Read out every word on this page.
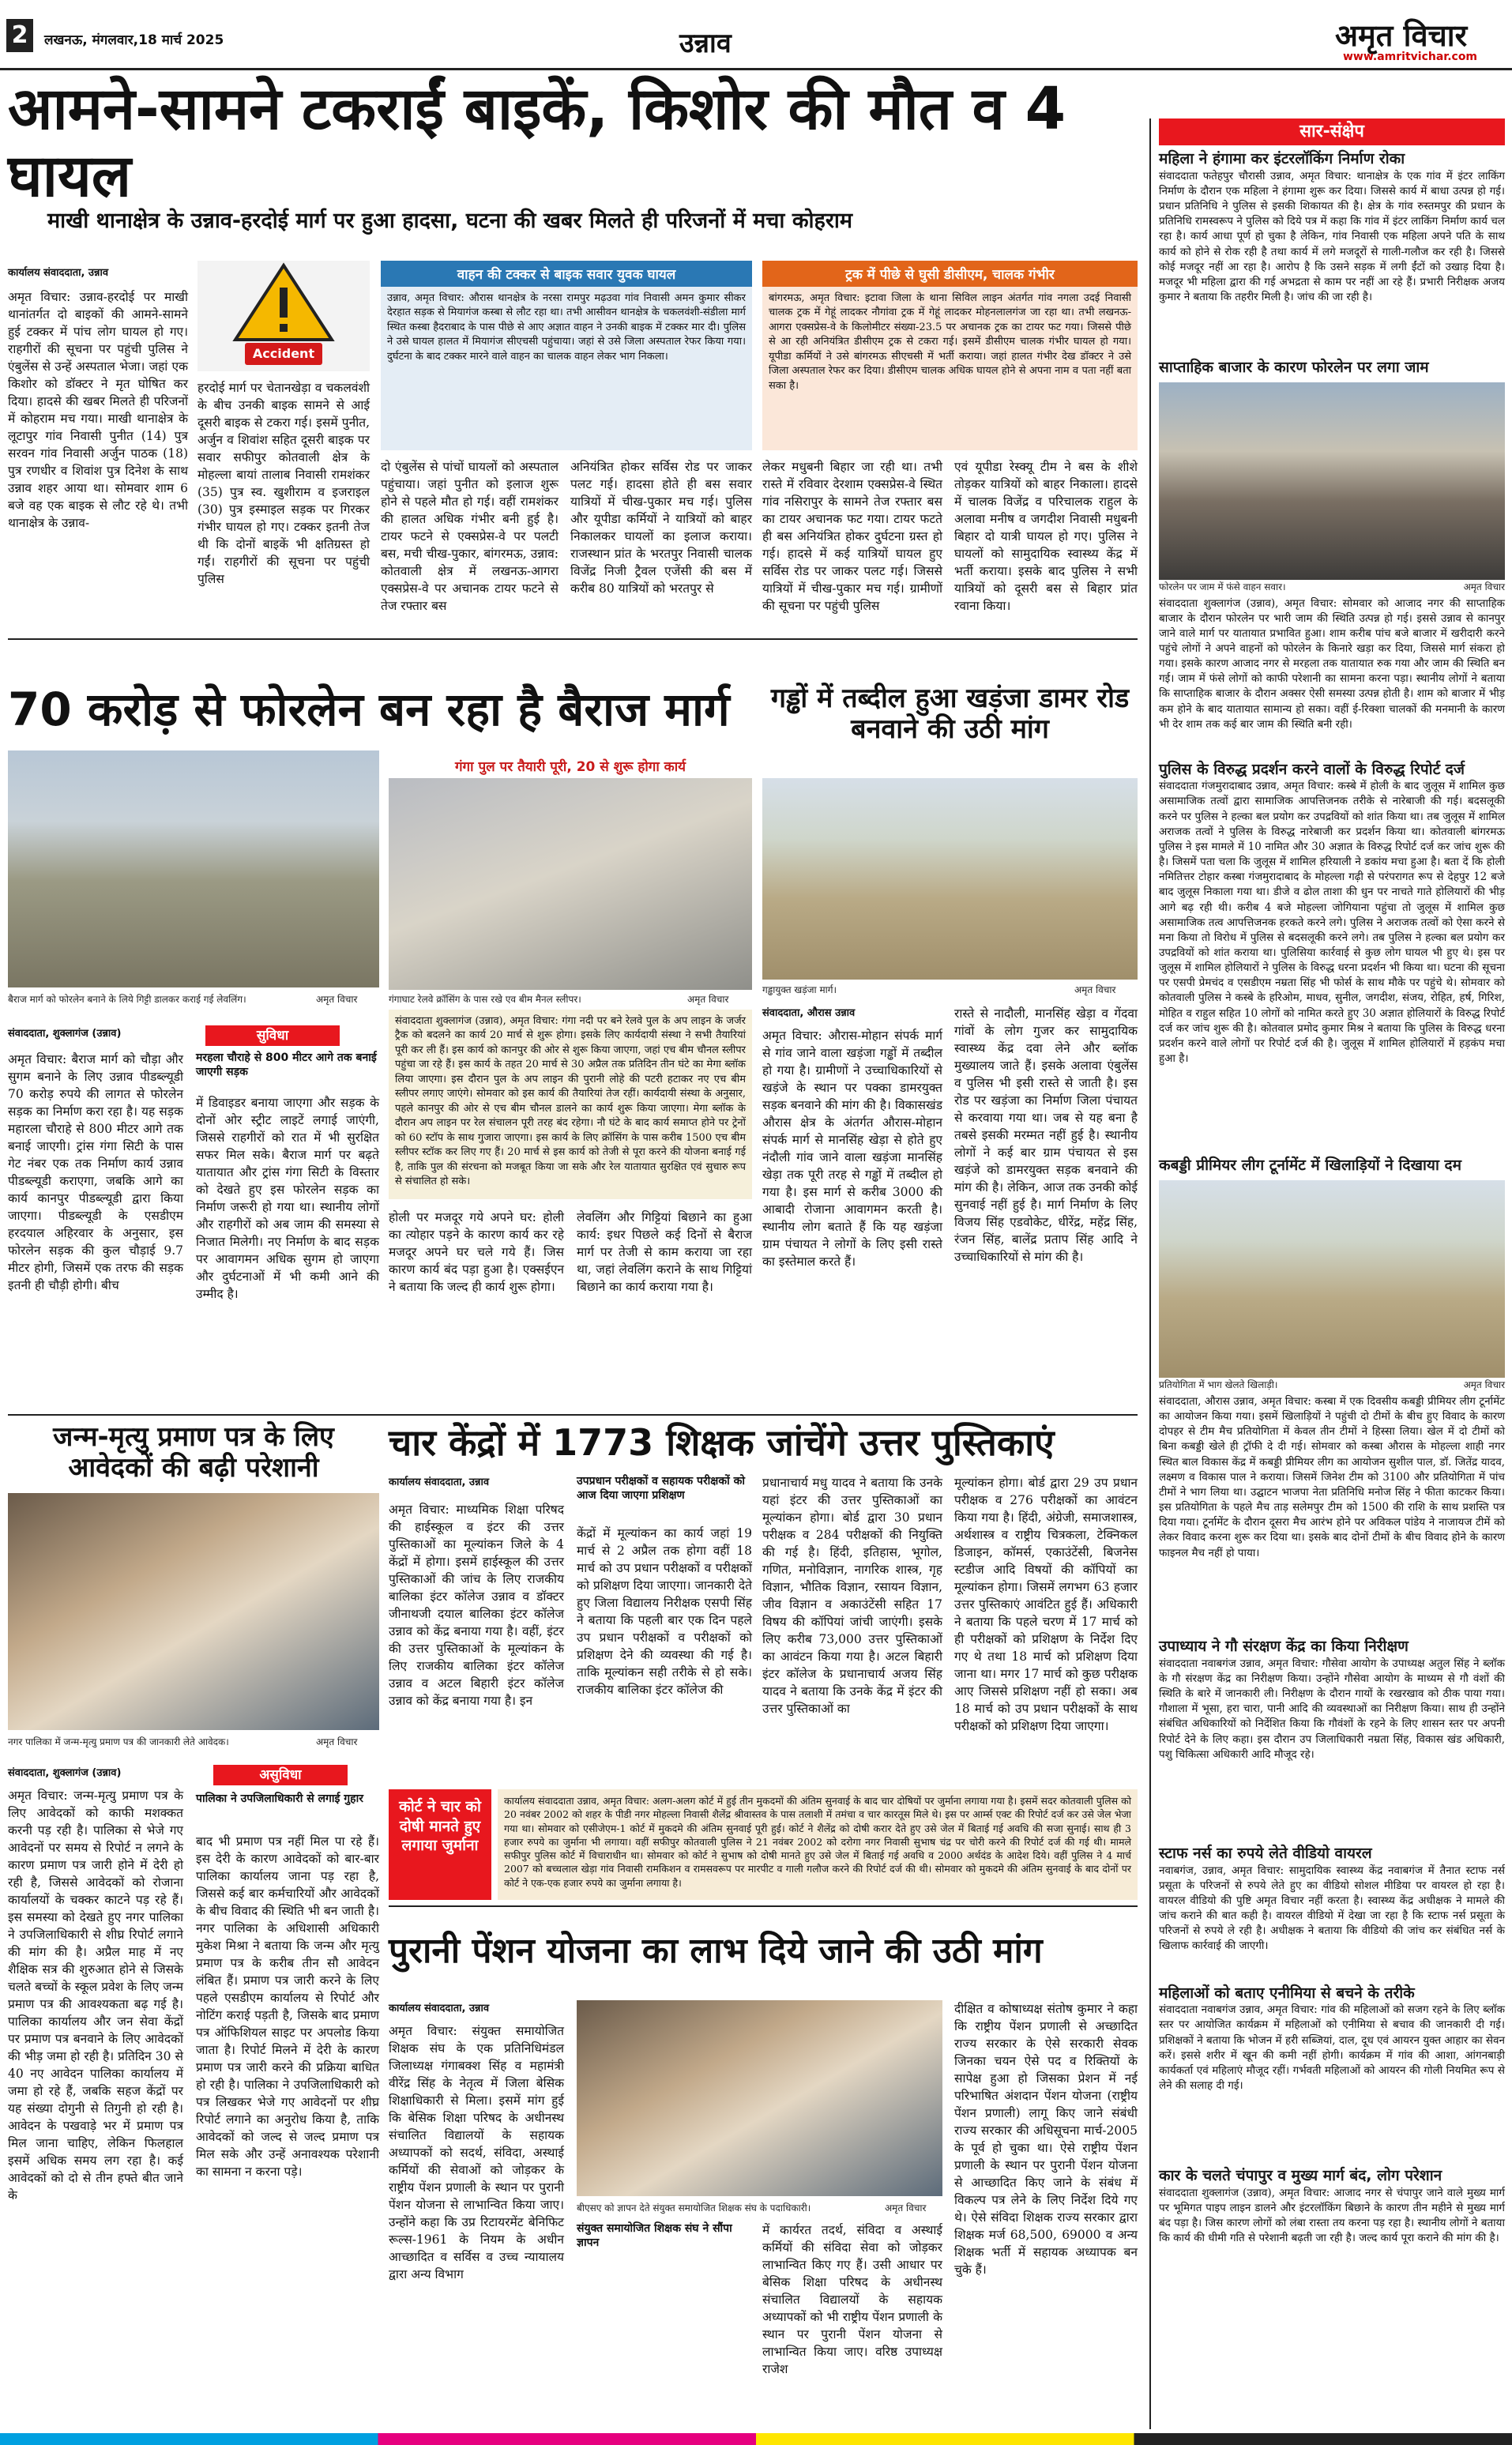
2	लखनऊ, मंगलवार,18 मार्च 2025	उन्नाव	अमृत विचार
www.amritvichar.com
आमने-सामने टकराईं बाइकें, किशोर की मौत व 4 घायल
माखी थानाक्षेत्र के उन्नाव-हरदोई मार्ग पर हुआ हादसा, घटना की खबर मिलते ही परिजनों में मचा कोहराम
कार्यालय संवाददाता, उन्नाव
अमृत विचार: उन्नाव-हरदोई पर माखी थानांतर्गत दो बाइकों की आमने-सामने हुई टक्कर में पांच लोग घायल हो गए। राहगीरों की सूचना पर पहुंची पुलिस ने एंबुलेंस से उन्हें अस्पताल भेजा। जहां एक किशोर को डॉक्टर ने मृत घोषित कर दिया। हादसे की खबर मिलते ही परिजनों में कोहराम मच गया। माखी थानाक्षेत्र के लूटापुर गांव निवासी पुनीत (14) पुत्र सरवन गांव निवासी अर्जुन पाठक (18) पुत्र रणधीर व शिवांश पुत्र दिनेश के साथ उन्नाव शहर आया था। सोमवार शाम 6 बजे वह एक बाइक से लौट रहे थे। तभी थानाक्षेत्र के उन्नाव-
Accident
हरदोई मार्ग पर चेतानखेड़ा व चकलवंशी के बीच उनकी बाइक सामने से आई दूसरी बाइक से टकरा गई। इसमें पुनीत, अर्जुन व शिवांश सहित दूसरी बाइक पर सवार सफीपुर कोतवाली क्षेत्र के मोहल्ला बायां तालाब निवासी रामशंकर (35) पुत्र स्व. खुशीराम व इजराइल (30) पुत्र इस्माइल सड़क पर गिरकर गंभीर घायल हो गए। टक्कर इतनी तेज थी कि दोनों बाइकें भी क्षतिग्रस्त हो गईं। राहगीरों की सूचना पर पहुंची पुलिस
वाहन की टक्कर से बाइक सवार युवक घायल
उन्नाव, अमृत विचार: औरास थानक्षेत्र के नरसा रामपुर मढ़उवा गांव निवासी अमन कुमार सीकर देरहात सड़क से मियागंज कस्बा से लौट रहा था। तभी आसीवन थानक्षेत्र के चकलवंशी-संडीला मार्ग स्थित कस्बा हैदराबाद के पास पीछे से आए अज्ञात वाहन ने उनकी बाइक में टक्कर मार दी। पुलिस ने उसे घायल हालत में मियागंज सीएचसी पहुंचाया। जहां से उसे जिला अस्पताल रेफर किया गया। दुर्घटना के बाद टक्कर मारने वाले वाहन का चालक वाहन लेकर भाग निकला।
ट्रक में पीछे से घुसी डीसीएम, चालक गंभीर
बांगरमऊ, अमृत विचार: इटावा जिला के थाना सिविल लाइन अंतर्गत गांव नगला उदई निवासी चालक ट्रक में गेहूं लादकर नौगांवा ट्रक में गेहूं लादकर मोहनलालगंज जा रहा था। तभी लखनऊ-आगरा एक्सप्रेस-वे के किलोमीटर संख्या-23.5 पर अचानक ट्रक का टायर फट गया। जिससे पीछे से आ रही अनियंत्रित डीसीएम ट्रक से टकरा गई। इसमें डीसीएम चालक गंभीर घायल हो गया। यूपीडा कर्मियों ने उसे बांगरमऊ सीएचसी में भर्ती कराया। जहां हालत गंभीर देख डॉक्टर ने उसे जिला अस्पताल रेफर कर दिया। डीसीएम चालक अधिक घायल होने से अपना नाम व पता नहीं बता सका है।
दो एंबुलेंस से पांचों घायलों को अस्पताल पहुंचाया। जहां पुनीत को इलाज शुरू होने से पहले मौत हो गई। वहीं रामशंकर की हालत अधिक गंभीर बनी हुई है। टायर फटने से एक्सप्रेस-वे पर पलटी बस, मची चीख-पुकार, बांगरमऊ, उन्नाव: कोतवाली क्षेत्र में लखनऊ-आगरा एक्सप्रेस-वे पर अचानक टायर फटने से तेज रफ्तार बस
अनियंत्रित होकर सर्विस रोड पर जाकर पलट गई। हादसा होते ही बस सवार यात्रियों में चीख-पुकार मच गई। पुलिस और यूपीडा कर्मियों ने यात्रियों को बाहर निकालकर घायलों का इलाज कराया। राजस्थान प्रांत के भरतपुर निवासी चालक विजेंद्र निजी ट्रैवल एजेंसी की बस में करीब 80 यात्रियों को भरतपुर से
लेकर मधुबनी बिहार जा रही था। तभी रास्ते में रविवार देरशाम एक्सप्रेस-वे स्थित गांव नसिरापुर के सामने तेज रफ्तार बस का टायर अचानक फट गया। टायर फटते ही बस अनियंत्रित होकर दुर्घटना ग्रस्त हो गई। हादसे में कई यात्रियों घायल हुए सर्विस रोड पर जाकर पलट गई। जिससे यात्रियों में चीख-पुकार मच गई। ग्रामीणों की सूचना पर पहुंची पुलिस
एवं यूपीडा रेस्क्यू टीम ने बस के शीशे तोड़कर यात्रियों को बाहर निकाला। हादसे में चालक विजेंद्र व परिचालक राहुल के अलावा मनीष व जगदीश निवासी मधुबनी बिहार दो यात्री घायल हो गए। पुलिस ने घायलों को सामुदायिक स्वास्थ्य केंद्र में भर्ती कराया। इसके बाद पुलिस ने सभी यात्रियों को दूसरी बस से बिहार प्रांत रवाना किया।
70 करोड़ से फोरलेन बन रहा है बैराज मार्ग
बैराज मार्ग को फोरलेन बनाने के लिये गिट्टी डालकर कराई गई लेवलिंग।	अमृत विचार
संवाददाता, शुक्लागंज (उन्नाव)
अमृत विचार: बैराज मार्ग को चौड़ा और सुगम बनाने के लिए उन्नाव पीडब्ल्यूडी 70 करोड़ रुपये की लागत से फोरलेन सड़क का निर्माण करा रहा है। यह सड़क महारला चौराहे से 800 मीटर आगे तक बनाई जाएगी। ट्रांस गंगा सिटी के पास गेट नंबर एक तक निर्माण कार्य उन्नाव पीडब्ल्यूडी कराएगा, जबकि आगे का कार्य कानपुर पीडब्ल्यूडी द्वारा किया जाएगा। पीडब्ल्यूडी के एसडीएम हरदयाल अहिरवार के अनुसार, इस फोरलेन सड़क की कुल चौड़ाई 9.7 मीटर होगी, जिसमें एक तरफ की सड़क इतनी ही चौड़ी होगी। बीच
सुविधा
मरहला चौराहे से 800 मीटर आगे तक बनाई जाएगी सड़क
में डिवाइडर बनाया जाएगा और सड़क के दोनों ओर स्ट्रीट लाइटें लगाई जाएंगी, जिससे राहगीरों को रात में भी सुरक्षित सफर मिल सके। बैराज मार्ग पर बढ़ते यातायात और ट्रांस गंगा सिटी के विस्तार को देखते हुए इस फोरलेन सड़क का निर्माण जरूरी हो गया था। स्थानीय लोगों और राहगीरों को अब जाम की समस्या से निजात मिलेगी। नए निर्माण के बाद सड़क पर आवागमन अधिक सुगम हो जाएगा और दुर्घटनाओं में भी कमी आने की उम्मीद है।
गंगा पुल पर तैयारी पूरी, 20 से शुरू होगा कार्य
गंगाघाट रेलवे क्रॉसिंग के पास रखे एव बीम मैनल स्लीपर।	अमृत विचार
संवाददाता शुक्लागंज (उन्नाव), अमृत विचार: गंगा नदी पर बने रेलवे पुल के अप लाइन के जर्जर ट्रैक को बदलने का कार्य 20 मार्च से शुरू होगा। इसके लिए कार्यदायी संस्था ने सभी तैयारियां पूरी कर ली हैं। इस कार्य को कानपुर की ओर से शुरू किया जाएगा, जहां एच बीम चौनल स्लीपर पहुंचा जा रहे हैं। इस कार्य के तहत 20 मार्च से 30 अप्रैल तक प्रतिदिन तीन घंटे का मेगा ब्लॉक लिया जाएगा। इस दौरान पुल के अप लाइन की पुरानी लोहे की पटरी हटाकर नए एच बीम स्लीपर लगाए जाएंगे। सोमवार को इस कार्य की तैयारियां तेज रहीं। कार्यदायी संस्था के अनुसार, पहले कानपुर की ओर से एच बीम चौनल डालने का कार्य शुरू किया जाएगा। मेगा ब्लॉक के दौरान अप लाइन पर रेल संचालन पूरी तरह बंद रहेगा। नौ घंटे के बाद कार्य समाप्त होने पर ट्रेनों को 60 स्टॉप के साथ गुजारा जाएगा। इस कार्य के लिए क्रॉसिंग के पास करीब 1500 एच बीम स्लीपर स्टॉक कर लिए गए हैं। 20 मार्च से इस कार्य को तेजी से पूरा करने की योजना बनाई गई है, ताकि पुल की संरचना को मजबूत किया जा सके और रेल यातायात सुरक्षित एवं सुचारु रूप से संचालित हो सके।
होली पर मजदूर गये अपने घर: होली का त्योहार पड़ने के कारण कार्य कर रहे मजदूर अपने घर चले गये हैं। जिस कारण कार्य बंद पड़ा हुआ है। एक्सईएन ने बताया कि जल्द ही कार्य शुरू होगा।
लेवलिंग और गिट्टियां बिछाने का हुआ कार्य: इधर पिछले कई दिनों से बैराज मार्ग पर तेजी से काम कराया जा रहा था, जहां लेवलिंग कराने के साथ गिट्टियां बिछाने का कार्य कराया गया है।
गड्ढों में तब्दील हुआ खड़ंजा डामर रोड बनवाने की उठी मांग
गड्ढायुक्त खड़ंजा मार्ग।	अमृत विचार
संवाददाता, औरास उन्नाव
अमृत विचार: औरास-मोहान संपर्क मार्ग से गांव जाने वाला खड़ंजा गड्ढों में तब्दील हो गया है। ग्रामीणों ने उच्चाधिकारियों से खड़ंजे के स्थान पर पक्का डामरयुक्त सड़क बनवाने की मांग की है। विकासखंड औरास क्षेत्र के अंतर्गत औरास-मोहान संपर्क मार्ग से मानसिंह खेड़ा से होते हुए नंदौली गांव जाने वाला खड़ंजा मानसिंह खेड़ा तक पूरी तरह से गड्ढों में तब्दील हो गया है। इस मार्ग से करीब 3000 की आबादी रोजाना आवागमन करती है। स्थानीय लोग बताते हैं कि यह खड़ंजा ग्राम पंचायत ने लोगों के लिए इसी रास्ते का इस्तेमाल करते हैं।
रास्ते से नादौली, मानसिंह खेड़ा व गेंदवा गांवों के लोग गुजर कर सामुदायिक स्वास्थ्य केंद्र दवा लेने और ब्लॉक मुख्यालय जाते हैं। इसके अलावा एंबुलेंस व पुलिस भी इसी रास्ते से जाती है। इस रोड पर खड़ंजा का निर्माण जिला पंचायत से करवाया गया था। जब से यह बना है तबसे इसकी मरम्मत नहीं हुई है। स्थानीय लोगों ने कई बार ग्राम पंचायत से इस खड़ंजे को डामरयुक्त सड़क बनवाने की मांग की है। लेकिन, आज तक उनकी कोई सुनवाई नहीं हुई है। मार्ग निर्माण के लिए विजय सिंह एडवोकेट, धीरेंद्र, महेंद्र सिंह, रंजन सिंह, बालेंद्र प्रताप सिंह आदि ने उच्चाधिकारियों से मांग की है।
जन्म-मृत्यु प्रमाण पत्र के लिए आवेदकों की बढ़ी परेशानी
नगर पालिका में जन्म-मृत्यु प्रमाण पत्र की जानकारी लेते आवेदक।	अमृत विचार
संवाददाता, शुक्लागंज (उन्नाव)
अमृत विचार: जन्म-मृत्यु प्रमाण पत्र के लिए आवेदकों को काफी मशक्कत करनी पड़ रही है। पालिका से भेजे गए आवेदनों पर समय से रिपोर्ट न लगने के कारण प्रमाण पत्र जारी होने में देरी हो रही है, जिससे आवेदकों को रोजाना कार्यालयों के चक्कर काटने पड़ रहे हैं। इस समस्या को देखते हुए नगर पालिका ने उपजिलाधिकारी से शीघ्र रिपोर्ट लगाने की मांग की है। अप्रैल माह में नए शैक्षिक सत्र की शुरुआत होने से जिसके चलते बच्चों के स्कूल प्रवेश के लिए जन्म प्रमाण पत्र की आवश्यकता बढ़ गई है। पालिका कार्यालय और जन सेवा केंद्रों पर प्रमाण पत्र बनवाने के लिए आवेदकों की भीड़ जमा हो रही है। प्रतिदिन 30 से 40 नए आवेदन पालिका कार्यालय में जमा हो रहे हैं, जबकि सहज केंद्रों पर यह संख्या दोगुनी से तिगुनी हो रही है। आवेदन के पखवाड़े भर में प्रमाण पत्र मिल जाना चाहिए, लेकिन फिलहाल इसमें अधिक समय लग रहा है। कई आवेदकों को दो से तीन हफ्ते बीत जाने के
असुविधा
पालिका ने उपजिलाधिकारी से लगाई गुहार
बाद भी प्रमाण पत्र नहीं मिल पा रहे हैं। इस देरी के कारण आवेदकों को बार-बार पालिका कार्यालय जाना पड़ रहा है, जिससे कई बार कर्मचारियों और आवेदकों के बीच विवाद की स्थिति भी बन जाती है। नगर पालिका के अधिशासी अधिकारी मुकेश मिश्रा ने बताया कि जन्म और मृत्यु प्रमाण पत्र के करीब तीन सौ आवेदन लंबित हैं। प्रमाण पत्र जारी करने के लिए पहले एसडीएम कार्यालय से रिपोर्ट और नोटिंग कराई पड़ती है, जिसके बाद प्रमाण पत्र ऑफिशियल साइट पर अपलोड किया जाता है। रिपोर्ट मिलने में देरी के कारण प्रमाण पत्र जारी करने की प्रक्रिया बाधित हो रही है। पालिका ने उपजिलाधिकारी को पत्र लिखकर भेजे गए आवेदनों पर शीघ्र रिपोर्ट लगाने का अनुरोध किया है, ताकि आवेदकों को जल्द से जल्द प्रमाण पत्र मिल सके और उन्हें अनावश्यक परेशानी का सामना न करना पड़े।
चार केंद्रों में 1773 शिक्षक जांचेंगे उत्तर पुस्तिकाएं
कार्यालय संवाददाता, उन्नाव
अमृत विचार: माध्यमिक शिक्षा परिषद की हाईस्कूल व इंटर की उत्तर पुस्तिकाओं का मूल्यांकन जिले के 4 केंद्रों में होगा। इसमें हाईस्कूल की उत्तर पुस्तिकाओं की जांच के लिए राजकीय बालिका इंटर कॉलेज उन्नाव व डॉक्टर जीनाथजी दयाल बालिका इंटर कॉलेज उन्नाव को केंद्र बनाया गया है। वहीं, इंटर की उत्तर पुस्तिकाओं के मूल्यांकन के लिए राजकीय बालिका इंटर कॉलेज उन्नाव व अटल बिहारी इंटर कॉलेज उन्नाव को केंद्र बनाया गया है। इन
उपप्रधान परीक्षकों व सहायक परीक्षकों को आज दिया जाएगा प्रशिक्षण
केंद्रों में मूल्यांकन का कार्य जहां 19 मार्च से 2 अप्रैल तक होगा वहीं 18 मार्च को उप प्रधान परीक्षकों व परीक्षकों को प्रशिक्षण दिया जाएगा। जानकारी देते हुए जिला विद्यालय निरीक्षक एसपी सिंह ने बताया कि पहली बार एक दिन पहले उप प्रधान परीक्षकों व परीक्षकों को प्रशिक्षण देने की व्यवस्था की गई है। ताकि मूल्यांकन सही तरीके से हो सके। राजकीय बालिका इंटर कॉलेज की
प्रधानाचार्य मधु यादव ने बताया कि उनके यहां इंटर की उत्तर पुस्तिकाओं का मूल्यांकन होगा। बोर्ड द्वारा 30 प्रधान परीक्षक व 284 परीक्षकों की नियुक्ति की गई है। हिंदी, इतिहास, भूगोल, गणित, मनोविज्ञान, नागरिक शास्त्र, गृह विज्ञान, भौतिक विज्ञान, रसायन विज्ञान, जीव विज्ञान व अकाउंटेंसी सहित 17 विषय की कॉपियां जांची जाएंगी। इसके लिए करीब 73,000 उत्तर पुस्तिकाओं का आवंटन किया गया है। अटल बिहारी इंटर कॉलेज के प्रधानाचार्य अजय सिंह यादव ने बताया कि उनके केंद्र में इंटर की उत्तर पुस्तिकाओं का
मूल्यांकन होगा। बोर्ड द्वारा 29 उप प्रधान परीक्षक व 276 परीक्षकों का आवंटन किया गया है। हिंदी, अंग्रेजी, समाजशास्त्र, अर्थशास्त्र व राष्ट्रीय चित्रकला, टेक्निकल डिजाइन, कॉमर्स, एकाउंटेंसी, बिजनेस स्टडीज आदि विषयों की कॉपियों का मूल्यांकन होगा। जिसमें लगभग 63 हजार उत्तर पुस्तिकाएं आवंटित हुई हैं। अधिकारी ने बताया कि पहले चरण में 17 मार्च को ही परीक्षकों को प्रशिक्षण के निर्देश दिए गए थे तथा 18 मार्च को प्रशिक्षण दिया जाना था। मगर 17 मार्च को कुछ परीक्षक आए जिससे प्रशिक्षण नहीं हो सका। अब 18 मार्च को उप प्रधान परीक्षकों के साथ परीक्षकों को प्रशिक्षण दिया जाएगा।
कोर्ट ने चार को दोषी मानते हुए लगाया जुर्माना
कार्यालय संवाददाता उन्नाव, अमृत विचार: अलग-अलग कोर्ट में हुई तीन मुकदमों की अंतिम सुनवाई के बाद चार दोषियों पर जुर्माना लगाया गया है। इसमें सदर कोतवाली पुलिस को 20 नवंबर 2002 को शहर के पीडी नगर मोहल्ला निवासी शैलेंद्र श्रीवास्तव के पास तलाशी में तमंचा व चार कारतूस मिले थे। इस पर आर्म्स एक्ट की रिपोर्ट दर्ज कर उसे जेल भेजा गया था। सोमवार को एसीजेएम-1 कोर्ट में मुकदमे की अंतिम सुनवाई पूरी हुई। कोर्ट ने शैलेंद्र को दोषी करार देते हुए उसे जेल में बिताई गई अवधि की सजा सुनाई। साथ ही 3 हजार रुपये का जुर्माना भी लगाया। वहीं सफीपुर कोतवाली पुलिस ने 21 नवंबर 2002 को दरोगा नगर निवासी सुभाष चंद्र पर चोरी करने की रिपोर्ट दर्ज की गई थी। मामले सफीपुर पुलिस कोर्ट में विचाराधीन था। सोमवार को कोर्ट ने सुभाष को दोषी मानते हुए उसे जेल में बिताई गई अवधि व 2000 अर्थदंड के आदेश दिये। वहीं पुलिस ने 4 मार्च 2007 को बच्चलाल खेड़ा गांव निवासी रामकिशन व रामसवरूप पर मारपीट व गाली गलौज करने की रिपोर्ट दर्ज की थी। सोमवार को मुकदमे की अंतिम सुनवाई के बाद दोनों पर कोर्ट ने एक-एक हजार रुपये का जुर्माना लगाया है।
पुरानी पेंशन योजना का लाभ दिये जाने की उठी मांग
कार्यालय संवाददाता, उन्नाव
अमृत विचार: संयुक्त समायोजित शिक्षक संघ के एक प्रतिनिधिमंडल जिलाध्यक्ष गंगाबक्श सिंह व महामंत्री वीरेंद्र सिंह के नेतृत्व में जिला बेसिक शिक्षाधिकारी से मिला। इसमें मांग हुई कि बेसिक शिक्षा परिषद के अधीनस्थ संचालित विद्यालयों के सहायक अध्यापकों को सदर्थ, संविदा, अस्थाई कर्मियों की सेवाओं को जोड़कर के राष्ट्रीय पेंशन प्रणाली के स्थान पर पुरानी पेंशन योजना से लाभान्वित किया जाए। उन्होंने कहा कि उप्र रिटायरमेंट बेनिफिट रूल्स-1961 के नियम के अधीन आच्छादित व सर्विस व उच्च न्यायालय द्वारा अन्य विभाग
बीएसए को ज्ञापन देते संयुक्त समायोजित शिक्षक संघ के पदाधिकारी।	अमृत विचार
संयुक्त समायोजित शिक्षक संघ ने सौंपा ज्ञापन
में कार्यरत तदर्थ, संविदा व अस्थाई कर्मियों की संविदा सेवा को जोड़कर लाभान्वित किए गए हैं। उसी आधार पर बेसिक शिक्षा परिषद के अधीनस्थ संचालित विद्यालयों के सहायक अध्यापकों को भी राष्ट्रीय पेंशन प्रणाली के स्थान पर पुरानी पेंशन योजना से लाभान्वित किया जाए। वरिष्ठ उपाध्यक्ष राजेश
दीक्षित व कोषाध्यक्ष संतोष कुमार ने कहा कि राष्ट्रीय पेंशन प्रणाली से अच्छादित राज्य सरकार के ऐसे सरकारी सेवक जिनका चयन ऐसे पद व रिक्तियों के सापेक्ष हुआ हो जिसका प्रेशन में नई परिभाषित अंशदान पेंशन योजना (राष्ट्रीय पेंशन प्रणाली) लागू किए जाने संबंधी राज्य सरकार की अधिसूचना मार्च-2005 के पूर्व हो चुका था। ऐसे राष्ट्रीय पेंशन प्रणाली के स्थान पर पुरानी पेंशन योजना से आच्छादित किए जाने के संबंध में विकल्प पत्र लेने के लिए निर्देश दिये गए थे। ऐसे संविदा शिक्षक राज्य सरकार द्वारा शिक्षक मर्ज 68,500, 69000 व अन्य शिक्षक भर्ती में सहायक अध्यापक बन चुके हैं।
सार-संक्षेप
महिला ने हंगामा कर इंटरलॉकिंग निर्माण रोका
संवाददाता फतेहपुर चौरासी उन्नाव, अमृत विचार: थानाक्षेत्र के एक गांव में इंटर लाकिंग निर्माण के दौरान एक महिला ने हंगामा शुरू कर दिया। जिससे कार्य में बाधा उत्पन्न हो गई। प्रधान प्रतिनिधि ने पुलिस से इसकी शिकायत की है। क्षेत्र के गांव रुस्तमपुर की प्रधान के प्रतिनिधि रामस्वरूप ने पुलिस को दिये पत्र में कहा कि गांव में इंटर लाकिंग निर्माण कार्य चल रहा है। कार्य आधा पूर्ण हो चुका है लेकिन, गांव निवासी एक महिला अपने पति के साथ कार्य को होने से रोक रही है तथा कार्य में लगे मजदूरों से गाली-गलौज कर रही है। जिससे कोई मजदूर नहीं आ रहा है। आरोप है कि उसने सड़क में लगी ईंटों को उखाड़ दिया है। मजदूर भी महिला द्वारा की गई अभद्रता से काम पर नहीं आ रहे हैं। प्रभारी निरीक्षक अजय कुमार ने बताया कि तहरीर मिली है। जांच की जा रही है।
साप्ताहिक बाजार के कारण फोरलेन पर लगा जाम
फोरलेन पर जाम में फंसे वाहन सवार।	अमृत विचार
संवाददाता शुक्लागंज (उन्नाव), अमृत विचार: सोमवार को आजाद नगर की साप्ताहिक बाजार के दौरान फोरलेन पर भारी जाम की स्थिति उत्पन्न हो गई। इससे उन्नाव से कानपुर जाने वाले मार्ग पर यातायात प्रभावित हुआ। शाम करीब पांच बजे बाजार में खरीदारी करने पहुंचे लोगों ने अपने वाहनों को फोरलेन के किनारे खड़ा कर दिया, जिससे मार्ग संकरा हो गया। इसके कारण आजाद नगर से मरहला तक यातायात रुक गया और जाम की स्थिति बन गई। जाम में फंसे लोगों को काफी परेशानी का सामना करना पड़ा। स्थानीय लोगों ने बताया कि साप्ताहिक बाजार के दौरान अक्सर ऐसी समस्या उत्पन्न होती है। शाम को बाजार में भीड़ कम होने के बाद यातायात सामान्य हो सका। वहीं ई-रिक्शा चालकों की मनमानी के कारण भी देर शाम तक कई बार जाम की स्थिति बनी रही।
पुलिस के विरुद्ध प्रदर्शन करने वालों के विरुद्ध रिपोर्ट दर्ज
संवाददाता गंजमुरादाबाद उन्नाव, अमृत विचार: कस्बे में होली के बाद जुलूस में शामिल कुछ असामाजिक तत्वों द्वारा सामाजिक आपत्तिजनक तरीके से नारेबाजी की गई। बदसलूकी करने पर पुलिस ने हल्का बल प्रयोग कर उपद्रवियों को शांत किया था। तब जुलूस में शामिल अराजक तत्वों ने पुलिस के विरुद्ध नारेबाजी कर प्रदर्शन किया था। कोतवाली बांगरमऊ पुलिस ने इस मामले में 10 नामित और 30 अज्ञात के विरुद्ध रिपोर्ट दर्ज कर जांच शुरू की है। जिसमें पता चला कि जुलूस में शामिल हरियाली ने डकांय मचा हुआ है। बता दें कि होली नमितित्तर टोहार कस्बा गंजमुरादाबाद के मोहल्ला गढ़ी से परंपरागत रूप से देहपुर 12 बजे बाद जुलूस निकाला गया था। डीजे व ढोल ताशा की धुन पर नाचते गाते होलियारों की भीड़ आगे बढ़ रही थी। करीब 4 बजे मोहल्ला जोगियाना पहुंचा तो जुलूस में शामिल कुछ असामाजिक तत्व आपत्तिजनक हरकते करने लगे। पुलिस ने अराजक तत्वों को ऐसा करने से मना किया तो विरोध में पुलिस से बदसलूकी करने लगे। तब पुलिस ने हल्का बल प्रयोग कर उपद्रवियों को शांत कराया था। पुलिसिया कार्रवाई से कुछ लोग घायल भी हुए थे। इस पर जुलूस में शामिल होलियारों ने पुलिस के विरुद्ध धरना प्रदर्शन भी किया था। घटना की सूचना पर एसपी प्रेमचंद व एसडीएम नम्रता सिंह भी फोर्स के साथ मौके पर पहुंचे थे। सोमवार को कोतवाली पुलिस ने कस्बे के हरिओम, माधव, सुनील, जगदीश, संजय, रोहित, हर्ष, गिरिश, मोहित व राहुल सहित 10 लोगों को नामित करते हुए 30 अज्ञात होलियारों के विरुद्ध रिपोर्ट दर्ज कर जांच शुरू की है। कोतवाल प्रमोद कुमार मिश्र ने बताया कि पुलिस के विरुद्ध धरना प्रदर्शन करने वाले लोगों पर रिपोर्ट दर्ज की है। जुलूस में शामिल होलियारों में हड़कंप मचा हुआ है।
कबड्डी प्रीमियर लीग टूर्नामेंट में खिलाड़ियों ने दिखाया दम
प्रतियोगिता में भाग खेलते खिलाड़ी।	अमृत विचार
संवाददाता, औरास उन्नाव, अमृत विचार: कस्बा में एक दिवसीय कबड्डी प्रीमियर लीग टूर्नामेंट का आयोजन किया गया। इसमें खिलाड़ियों ने पहुंची दो टीमों के बीच हुए विवाद के कारण दोपहर से टीम मैच प्रतियोगिता में केवल तीन टीमों ने हिस्सा लिया। खेल में दो टीमों को बिना कबड्डी खेले ही ट्रॉफी दे दी गई। सोमवार को कस्बा औरास के मोहल्ला शाही नगर स्थित बाल विकास केंद्र में कबड्डी प्रीमियर लीग का आयोजन सुशील पाल, डॉ. जितेंद्र यादव, लक्ष्मण व विकास पाल ने कराया। जिसमें जिनेश टीम को 3100 और प्रतियोगिता में पांच टीमों ने भाग लिया था। उद्घाटन भाजपा नेता प्रतिनिधि मनोज सिंह ने फीता काटकर किया। इस प्रतियोगिता के पहले मैच ताड़ सलेमपुर टीम को 1500 की राशि के साथ प्रशस्ति पत्र दिया गया। टूर्नामेंट के दौरान दूसरा मैच आरंभ होने पर अविकल पांडेय ने नाजायज टीमें को लेकर विवाद करना शुरू कर दिया था। इसके बाद दोनों टीमों के बीच विवाद होने के कारण फाइनल मैच नहीं हो पाया।
उपाध्याय ने गौ संरक्षण केंद्र का किया निरीक्षण
संवाददाता नवाबगंज उन्नाव, अमृत विचार: गौसेवा आयोग के उपाध्यक्ष अतुल सिंह ने ब्लॉक के गौ संरक्षण केंद्र का निरीक्षण किया। उन्होंने गौसेवा आयोग के माध्यम से गौ वंशों की स्थिति के बारे में जानकारी ली। निरीक्षण के दौरान गायों के रखरखाव को ठीक पाया गया। गौशाला में भूसा, हरा चारा, पानी आदि की व्यवस्थाओं का निरीक्षण किया। साथ ही उन्होंने संबंधित अधिकारियों को निर्देशित किया कि गौवंशों के रहने के लिए शासन स्तर पर अपनी रिपोर्ट देने के लिए कहा। इस दौरान उप जिलाधिकारी नम्रता सिंह, विकास खंड अधिकारी, पशु चिकित्सा अधिकारी आदि मौजूद रहे।
स्टाफ नर्स का रुपये लेते वीडियो वायरल
नवाबगंज, उन्नाव, अमृत विचार: सामुदायिक स्वास्थ्य केंद्र नवाबगंज में तैनात स्टाफ नर्स प्रसूता के परिजनों से रुपये लेते हुए का वीडियो सोशल मीडिया पर वायरल हो रहा है। वायरल वीडियो की पुष्टि अमृत विचार नहीं करता है। स्वास्थ्य केंद्र अधीक्षक ने मामले की जांच कराने की बात कही है। वायरल वीडियो में देखा जा रहा है कि स्टाफ नर्स प्रसूता के परिजनों से रुपये ले रही है। अधीक्षक ने बताया कि वीडियो की जांच कर संबंधित नर्स के खिलाफ कार्रवाई की जाएगी।
महिलाओं को बताए एनीमिया से बचने के तरीके
संवाददाता नवाबगंज उन्नाव, अमृत विचार: गांव की महिलाओं को सजग रहने के लिए ब्लॉक स्तर पर आयोजित कार्यक्रम में महिलाओं को एनीमिया से बचाव की जानकारी दी गई। प्रशिक्षकों ने बताया कि भोजन में हरी सब्जियां, दाल, दूध एवं आयरन युक्त आहार का सेवन करें। इससे शरीर में खून की कमी नहीं होगी। कार्यक्रम में गांव की आशा, आंगनबाड़ी कार्यकर्ता एवं महिलाएं मौजूद रहीं। गर्भवती महिलाओं को आयरन की गोली नियमित रूप से लेने की सलाह दी गई।
कार के चलते चंपापुर व मुख्य मार्ग बंद, लोग परेशान
संवाददाता शुक्लागंज (उन्नाव), अमृत विचार: आजाद नगर से चंपापुर जाने वाले मुख्य मार्ग पर भूमिगत पाइप लाइन डालने और इंटरलॉकिंग बिछाने के कारण तीन महीने से मुख्य मार्ग बंद पड़ा है। जिस कारण लोगों को लंबा रास्ता तय करना पड़ रहा है। स्थानीय लोगों ने बताया कि कार्य की धीमी गति से परेशानी बढ़ती जा रही है। जल्द कार्य पूरा कराने की मांग की है।
